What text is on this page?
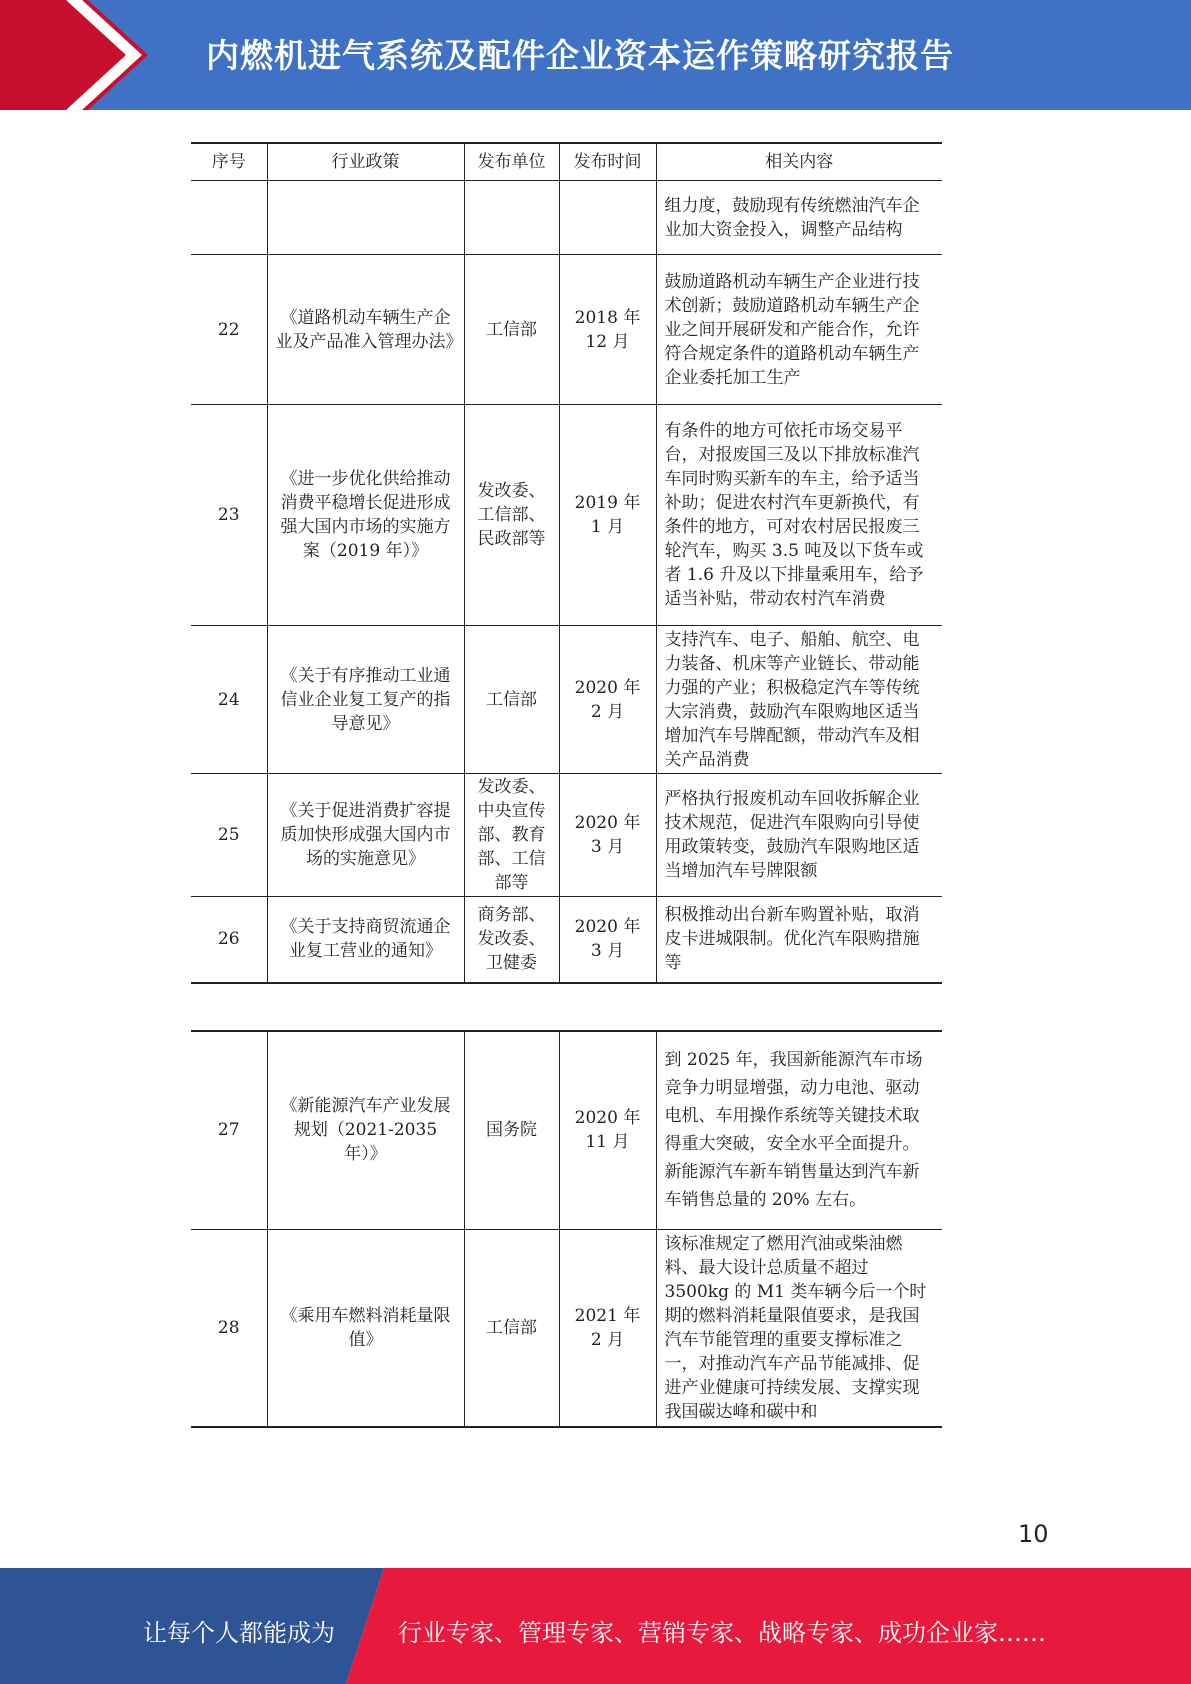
内燃机进气系统及配件企业资本运作策略研究报告
序号	行业政策	发布单位	发布时间	相关内容
				组力度，鼓励现有传统燃油汽车企业加大资金投入，调整产品结构
22	《道路机动车辆生产企业及产品准入管理办法》	工信部	2018 年 12 月	鼓励道路机动车辆生产企业进行技术创新；鼓励道路机动车辆生产企业之间开展研发和产能合作，允许符合规定条件的道路机动车辆生产企业委托加工生产
23	《进一步优化供给推动消费平稳增长促进形成强大国内市场的实施方案（2019 年）》	发改委、工信部、民政部等	2019 年 1 月	有条件的地方可依托市场交易平台，对报废国三及以下排放标准汽车同时购买新车的车主，给予适当补助；促进农村汽车更新换代，有条件的地方，可对农村居民报废三轮汽车，购买 3.5 吨及以下货车或者 1.6 升及以下排量乘用车，给予适当补贴，带动农村汽车消费
24	《关于有序推动工业通信业企业复工复产的指导意见》	工信部	2020 年 2 月	支持汽车、电子、船舶、航空、电力装备、机床等产业链长、带动能力强的产业；积极稳定汽车等传统大宗消费，鼓励汽车限购地区适当增加汽车号牌配额，带动汽车及相关产品消费
25	《关于促进消费扩容提质加快形成强大国内市场的实施意见》	发改委、中央宣传部、教育部、工信部等	2020 年 3 月	严格执行报废机动车回收拆解企业技术规范，促进汽车限购向引导使用政策转变，鼓励汽车限购地区适当增加汽车号牌限额
26	《关于支持商贸流通企业复工营业的通知》	商务部、发改委、卫健委	2020 年 3 月	积极推动出台新车购置补贴，取消皮卡进城限制。优化汽车限购措施等
27	《新能源汽车产业发展规划（2021-2035 年）》	国务院	2020 年 11 月	到 2025 年，我国新能源汽车市场竞争力明显增强，动力电池、驱动电机、车用操作系统等关键技术取得重大突破，安全水平全面提升。新能源汽车新车销售量达到汽车新车销售总量的 20% 左右。
28	《乘用车燃料消耗量限值》	工信部	2021 年 2 月	该标准规定了燃用汽油或柴油燃料、最大设计总质量不超过 3500kg 的 M1 类车辆今后一个时期的燃料消耗量限值要求，是我国汽车节能管理的重要支撑标准之一，对推动汽车产品节能减排、促进产业健康可持续发展、支撑实现我国碳达峰和碳中和
10
让每个人都能成为	行业专家、管理专家、营销专家、战略专家、成功企业家……
